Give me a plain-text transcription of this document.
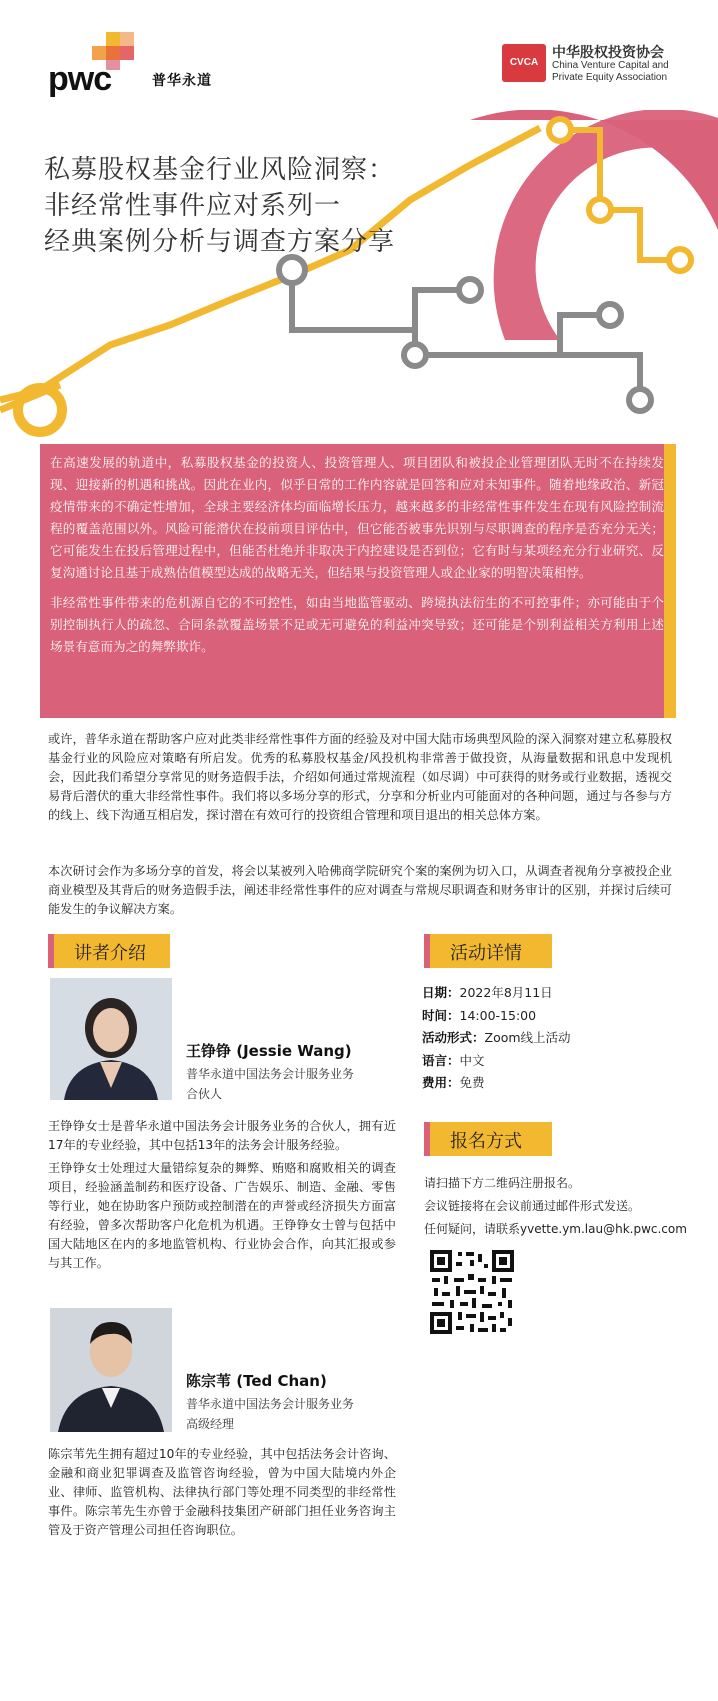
pwc	普华永道
CVCA
中华股权投资协会
China Venture Capital and
Private Equity Association
私募股权基金行业风险洞察：
非经常性事件应对系列一
经典案例分析与调查方案分享

在高速发展的轨道中，私募股权基金的投资人、投资管理人、项目团队和被投企业管理团队无时不在持续发现、迎接新的机遇和挑战。因此在业内，似乎日常的工作内容就是回答和应对未知事件。随着地缘政治、新冠疫情带来的不确定性增加，全球主要经济体均面临增长压力，越来越多的非经常性事件发生在现有风险控制流程的覆盖范围以外。风险可能潜伏在投前项目评估中，但它能否被事先识别与尽职调查的程序是否充分无关；它可能发生在投后管理过程中，但能否杜绝并非取决于内控建设是否到位；它有时与某项经充分行业研究、反复沟通讨论且基于成熟估值模型达成的战略无关，但结果与投资管理人或企业家的明智决策相悖。

非经常性事件带来的危机源自它的不可控性，如由当地监管驱动、跨境执法衍生的不可控事件；亦可能由于个别控制执行人的疏忽、合同条款覆盖场景不足或无可避免的利益冲突导致；还可能是个别利益相关方利用上述场景有意而为之的舞弊欺诈。

或许，普华永道在帮助客户应对此类非经常性事件方面的经验及对中国大陆市场典型风险的深入洞察对建立私募股权基金行业的风险应对策略有所启发。优秀的私募股权基金/风投机构非常善于做投资，从海量数据和讯息中发现机会，因此我们希望分享常见的财务造假手法，介绍如何通过常规流程（如尽调）中可获得的财务或行业数据，透视交易背后潜伏的重大非经常性事件。我们将以多场分享的形式，分享和分析业内可能面对的各种问题，通过与各参与方的线上、线下沟通互相启发，探讨潜在有效可行的投资组合管理和项目退出的相关总体方案。
本次研讨会作为多场分享的首发，将会以某被列入哈佛商学院研究个案的案例为切入口，从调查者视角分享被投企业商业模型及其背后的财务造假手法，阐述非经常性事件的应对调查与常规尽职调查和财务审计的区别，并探讨后续可能发生的争议解决方案。
讲者介绍	活动详情
报名方式
王铮铮 (Jessie Wang)
普华永道中国法务会计服务业务
合伙人

王铮铮女士是普华永道中国法务会计服务业务的合伙人，拥有近17年的专业经验，其中包括13年的法务会计服务经验。

王铮铮女士处理过大量错综复杂的舞弊、贿赂和腐败相关的调查项目，经验涵盖制药和医疗设备、广告娱乐、制造、金融、零售等行业，她在协助客户预防或控制潜在的声誉或经济损失方面富有经验，曾多次帮助客户化危机为机遇。王铮铮女士曾与包括中国大陆地区在内的多地监管机构、行业协会合作，向其汇报或参与其工作。

陈宗苇 (Ted Chan)
普华永道中国法务会计服务业务
高级经理

陈宗苇先生拥有超过10年的专业经验，其中包括法务会计咨询、金融和商业犯罪调查及监管咨询经验，曾为中国大陆境内外企业、律师、监管机构、法律执行部门等处理不同类型的非经常性事件。陈宗苇先生亦曾于金融科技集团产研部门担任业务咨询主管及于资产管理公司担任咨询职位。

日期：2022年8月11日
时间：14:00-15:00
活动形式：Zoom线上活动
语言：中文
费用：免费
请扫描下方二维码注册报名。
会议链接将在会议前通过邮件形式发送。
任何疑问，请联系yvette.ym.lau@hk.pwc.com
